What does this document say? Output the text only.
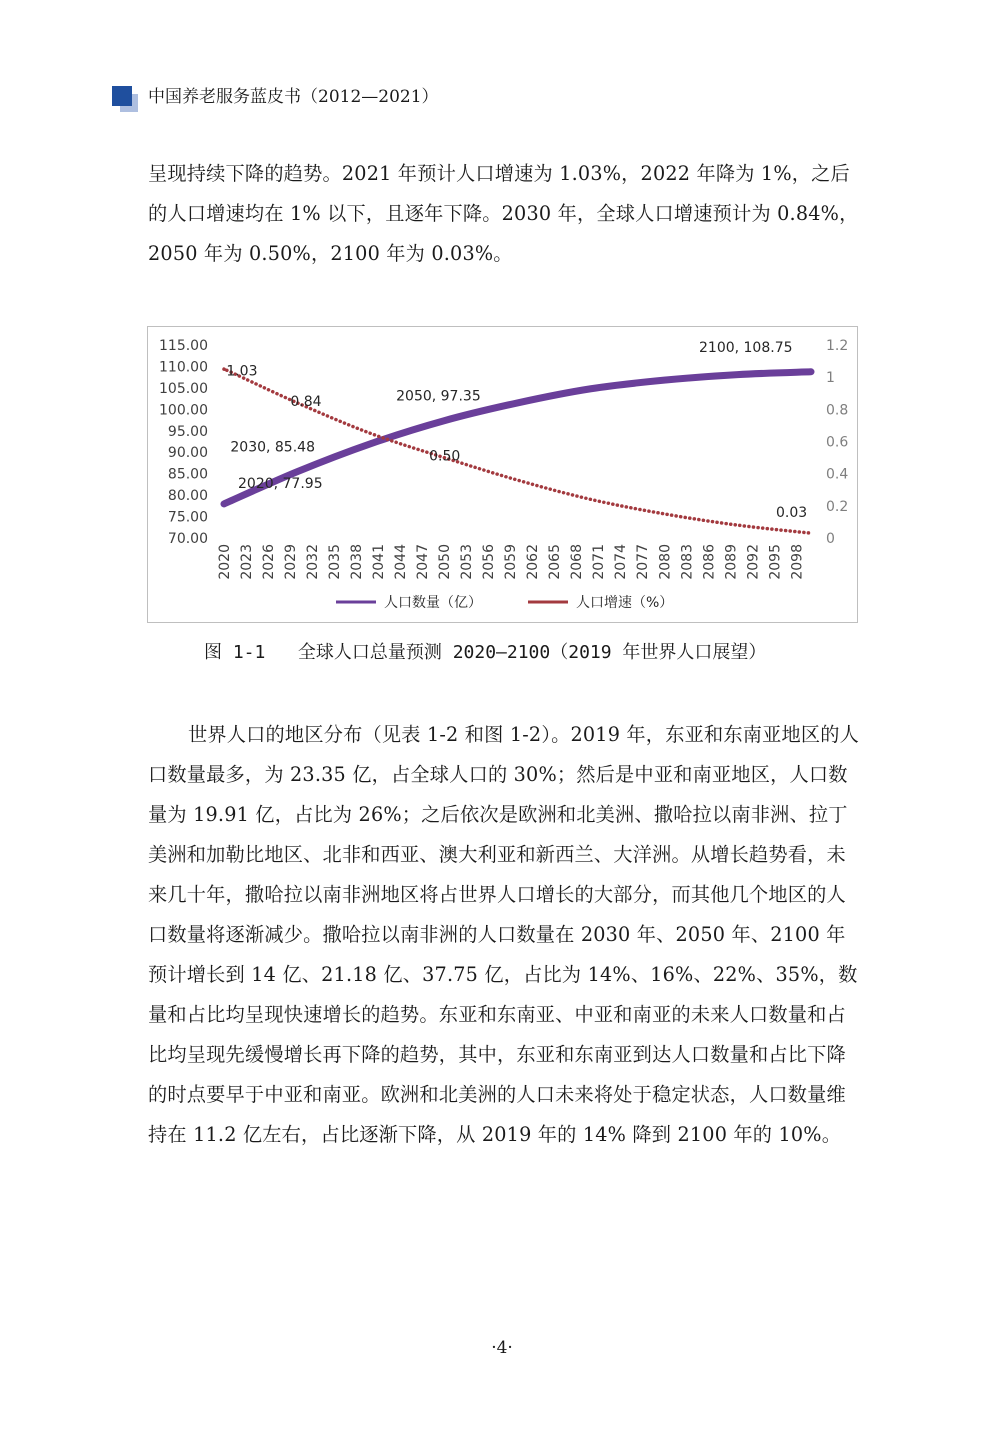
中国养老服务蓝皮书（2012—2021）

呈现持续下降的趋势。2021 年预计人口增速为 1.03%，2022 年降为 1%，之后的人口增速均在 1% 以下，且逐年下降。2030 年，全球人口增速预计为 0.84%，2050 年为 0.50%，2100 年为 0.03%。

70.00
75.00
80.00
85.00
90.00
95.00
100.00
105.00
110.00
115.00
0
0.2
0.4
0.6
0.8
1
1.2
2020 2023 2026 2029 2032 2035 2038 2041 2044 2047 2050 2053 2056 2059 2062 2065 2068 2071 2074 2077 2080 2083 2086 2089 2092 2095 2098
2020, 77.95
2030, 85.48
2050, 97.35
2100, 108.75
1.03
0.84
0.50
0.03
人口数量（亿）	人口增速（%）
图 1-1   全球人口总量预测 2020—2100（2019 年世界人口展望）

世界人口的地区分布（见表 1-2 和图 1-2）。2019 年，东亚和东南亚地区的人口数量最多，为 23.35 亿，占全球人口的 30%；然后是中亚和南亚地区，人口数量为 19.91 亿，占比为 26%；之后依次是欧洲和北美洲、撒哈拉以南非洲、拉丁美洲和加勒比地区、北非和西亚、澳大利亚和新西兰、大洋洲。从增长趋势看，未来几十年，撒哈拉以南非洲地区将占世界人口增长的大部分，而其他几个地区的人口数量将逐渐减少。撒哈拉以南非洲的人口数量在 2030 年、2050 年、2100 年预计增长到 14 亿、21.18 亿、37.75 亿，占比为 14%、16%、22%、35%，数量和占比均呈现快速增长的趋势。东亚和东南亚、中亚和南亚的未来人口数量和占比均呈现先缓慢增长再下降的趋势，其中，东亚和东南亚到达人口数量和占比下降的时点要早于中亚和南亚。欧洲和北美洲的人口未来将处于稳定状态，人口数量维持在 11.2 亿左右，占比逐渐下降，从 2019 年的 14% 降到 2100 年的 10%。

·4·
